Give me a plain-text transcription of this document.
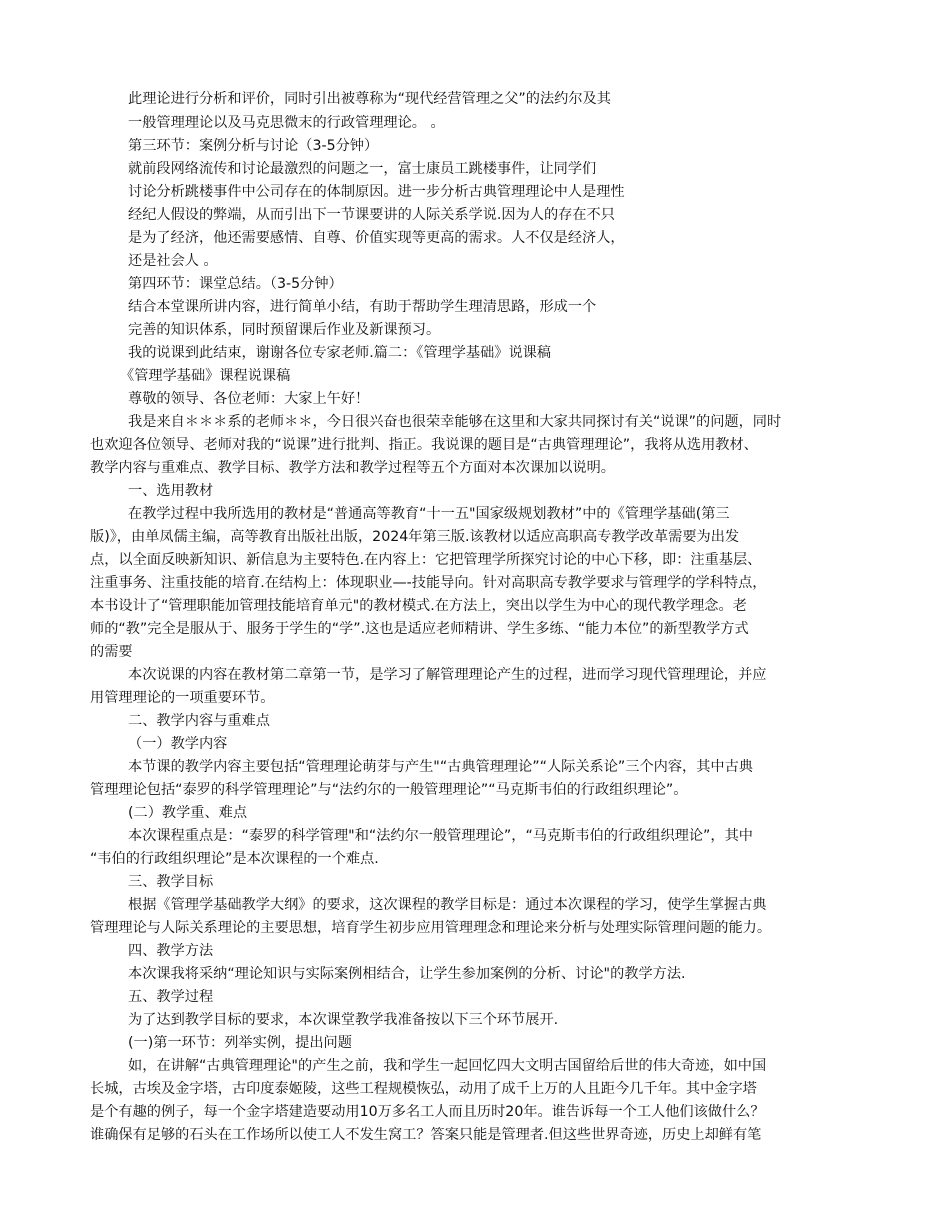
此理论进行分析和评价，同时引出被尊称为“现代经营管理之父”的法约尔及其
一般管理理论以及马克思微末的行政管理理论。 。
第三环节：案例分析与讨论（3-5分钟）
就前段网络流传和讨论最激烈的问题之一，富士康员工跳楼事件，让同学们
讨论分析跳楼事件中公司存在的体制原因。进一步分析古典管理理论中人是理性
经纪人假设的弊端，从而引出下一节课要讲的人际关系学说.因为人的存在不只
是为了经济，他还需要感情、自尊、价值实现等更高的需求。人不仅是经济人，
还是社会人 。
第四环节：课堂总结。（3-5分钟）
结合本堂课所讲内容，进行简单小结，有助于帮助学生理清思路，形成一个
完善的知识体系，同时预留课后作业及新课预习。
我的说课到此结束，谢谢各位专家老师.篇二：《管理学基础》说课稿
《管理学基础》课程说课稿
尊敬的领导、各位老师：大家上午好！
我是来自＊＊＊系的老师＊＊，今日很兴奋也很荣幸能够在这里和大家共同探讨有关“说课”的问题，同时
也欢迎各位领导、老师对我的“说课”进行批判、指正。我说课的题目是“古典管理理论”，我将从选用教材、
教学内容与重难点、教学目标、教学方法和教学过程等五个方面对本次课加以说明。
一、选用教材
在教学过程中我所选用的教材是“普通高等教育“十一五"国家级规划教材”中的《管理学基础(第三
版)》，由单凤儒主编，高等教育出版社出版，2024年第三版.该教材以适应高职高专教学改革需要为出发
点，以全面反映新知识、新信息为主要特色.在内容上：它把管理学所探究讨论的中心下移，即：注重基层、
注重事务、注重技能的培育.在结构上：体现职业—-技能导向。针对高职高专教学要求与管理学的学科特点，
本书设计了“管理职能加管理技能培育单元"的教材模式.在方法上，突出以学生为中心的现代教学理念。老
师的“教”完全是服从于、服务于学生的“学”.这也是适应老师精讲、学生多练、“能力本位”的新型教学方式
的需要
本次说课的内容在教材第二章第一节，是学习了解管理理论产生的过程，进而学习现代管理理论，并应
用管理理论的一项重要环节。
二、教学内容与重难点
（一）教学内容
本节课的教学内容主要包括“管理理论萌芽与产生"“古典管理理论”“人际关系论”三个内容，其中古典
管理理论包括“泰罗的科学管理理论”与“法约尔的一般管理理论”“马克斯韦伯的行政组织理论”。
(二）教学重、难点
本次课程重点是：“泰罗的科学管理"和“法约尔一般管理理论”，“马克斯韦伯的行政组织理论”，其中
“韦伯的行政组织理论”是本次课程的一个难点.
三、教学目标
根据《管理学基础教学大纲》的要求，这次课程的教学目标是：通过本次课程的学习，使学生掌握古典
管理理论与人际关系理论的主要思想，培育学生初步应用管理理念和理论来分析与处理实际管理问题的能力。
四、教学方法
本次课我将采纳“理论知识与实际案例相结合，让学生参加案例的分析、讨论"的教学方法.
五、教学过程
为了达到教学目标的要求，本次课堂教学我准备按以下三个环节展开.
(一)第一环节：列举实例，提出问题
如，在讲解“古典管理理论"的产生之前，我和学生一起回忆四大文明古国留给后世的伟大奇迹，如中国
长城，古埃及金字塔，古印度泰姬陵，这些工程规模恢弘，动用了成千上万的人且距今几千年。其中金字塔
是个有趣的例子，每一个金字塔建造要动用10万多名工人而且历时20年。谁告诉每一个工人他们该做什么？
谁确保有足够的石头在工作场所以使工人不发生窝工？答案只能是管理者.但这些世界奇迹，历史上却鲜有笔
